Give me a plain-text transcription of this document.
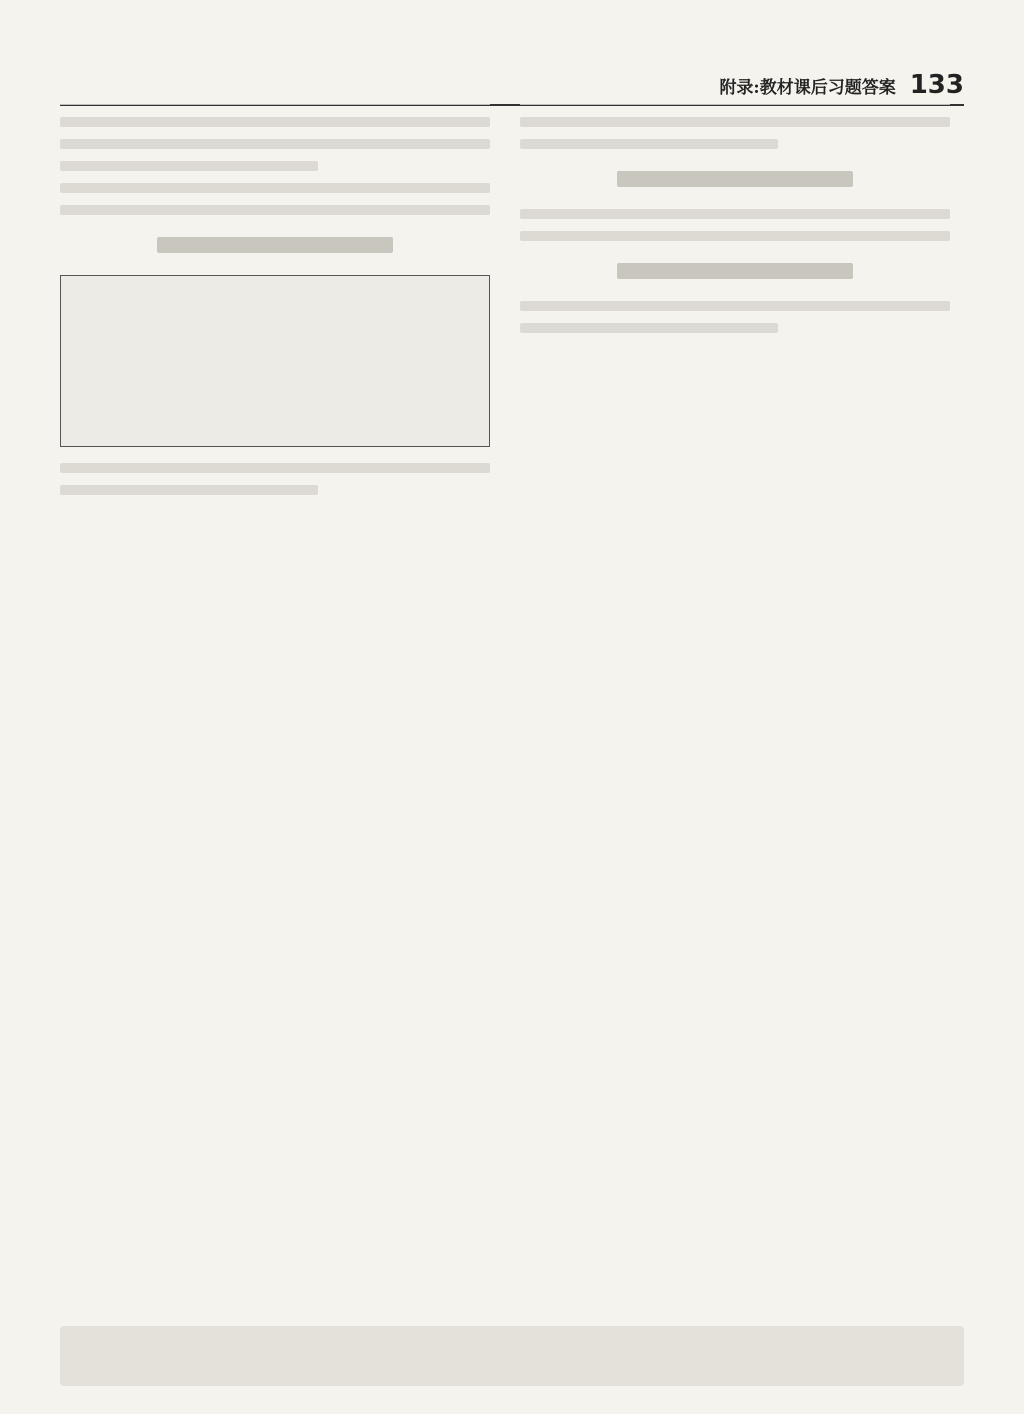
附录:教材课后习题答案 133
